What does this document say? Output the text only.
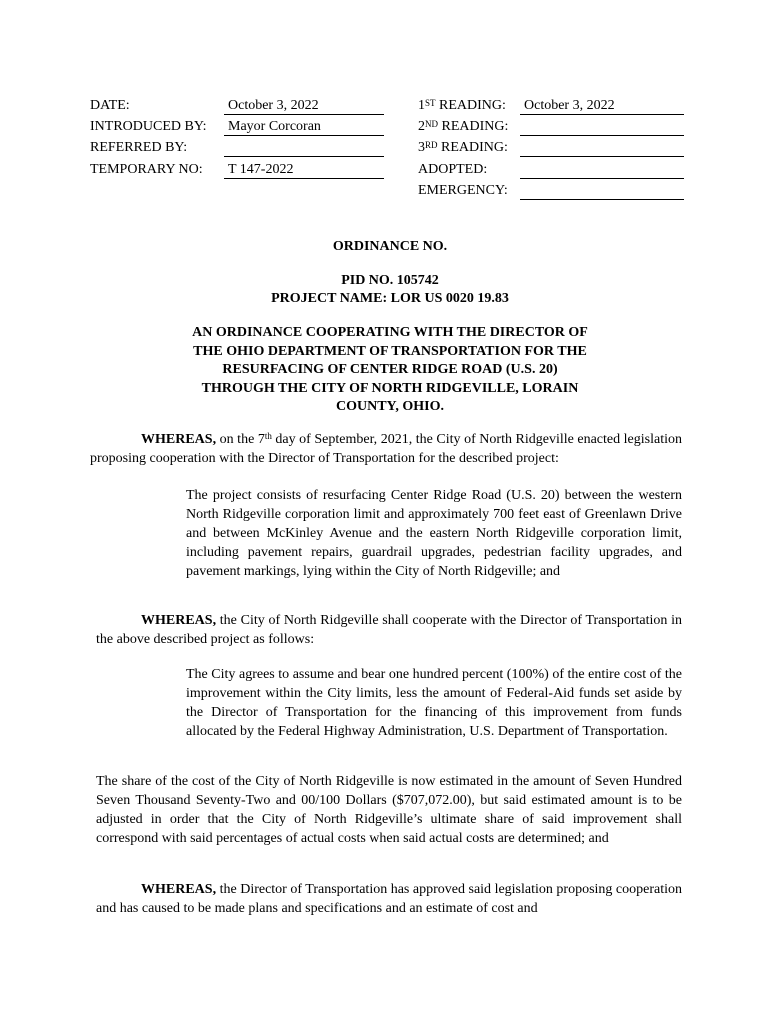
DATE:	October 3, 2022
INTRODUCED BY: Mayor Corcoran
REFERRED BY:
TEMPORARY NO: T 147-2022
1ST READING: October 3, 2022
2ND READING:
3RD READING:
ADOPTED:
EMERGENCY:
ORDINANCE NO.
PID NO. 105742
PROJECT NAME: LOR US 0020 19.83
AN ORDINANCE COOPERATING WITH THE DIRECTOR OF
THE OHIO DEPARTMENT OF TRANSPORTATION FOR THE
RESURFACING OF CENTER RIDGE ROAD (U.S. 20)
THROUGH THE CITY OF NORTH RIDGEVILLE, LORAIN
COUNTY, OHIO.
WHEREAS, on the 7th day of September, 2021, the City of North Ridgeville enacted legislation proposing cooperation with the Director of Transportation for the described project:
The project consists of resurfacing Center Ridge Road (U.S. 20) between the western North Ridgeville corporation limit and approximately 700 feet east of Greenlawn Drive and between McKinley Avenue and the eastern North Ridgeville corporation limit, including pavement repairs, guardrail upgrades, pedestrian facility upgrades, and pavement markings, lying within the City of North Ridgeville; and
WHEREAS, the City of North Ridgeville shall cooperate with the Director of Transportation in the above described project as follows:
The City agrees to assume and bear one hundred percent (100%) of the entire cost of the improvement within the City limits, less the amount of Federal-Aid funds set aside by the Director of Transportation for the financing of this improvement from funds allocated by the Federal Highway Administration, U.S. Department of Transportation.
The share of the cost of the City of North Ridgeville is now estimated in the amount of Seven Hundred Seven Thousand Seventy-Two and 00/100 Dollars ($707,072.00), but said estimated amount is to be adjusted in order that the City of North Ridgeville’s ultimate share of said improvement shall correspond with said percentages of actual costs when said actual costs are determined; and
WHEREAS, the Director of Transportation has approved said legislation proposing cooperation and has caused to be made plans and specifications and an estimate of cost and
